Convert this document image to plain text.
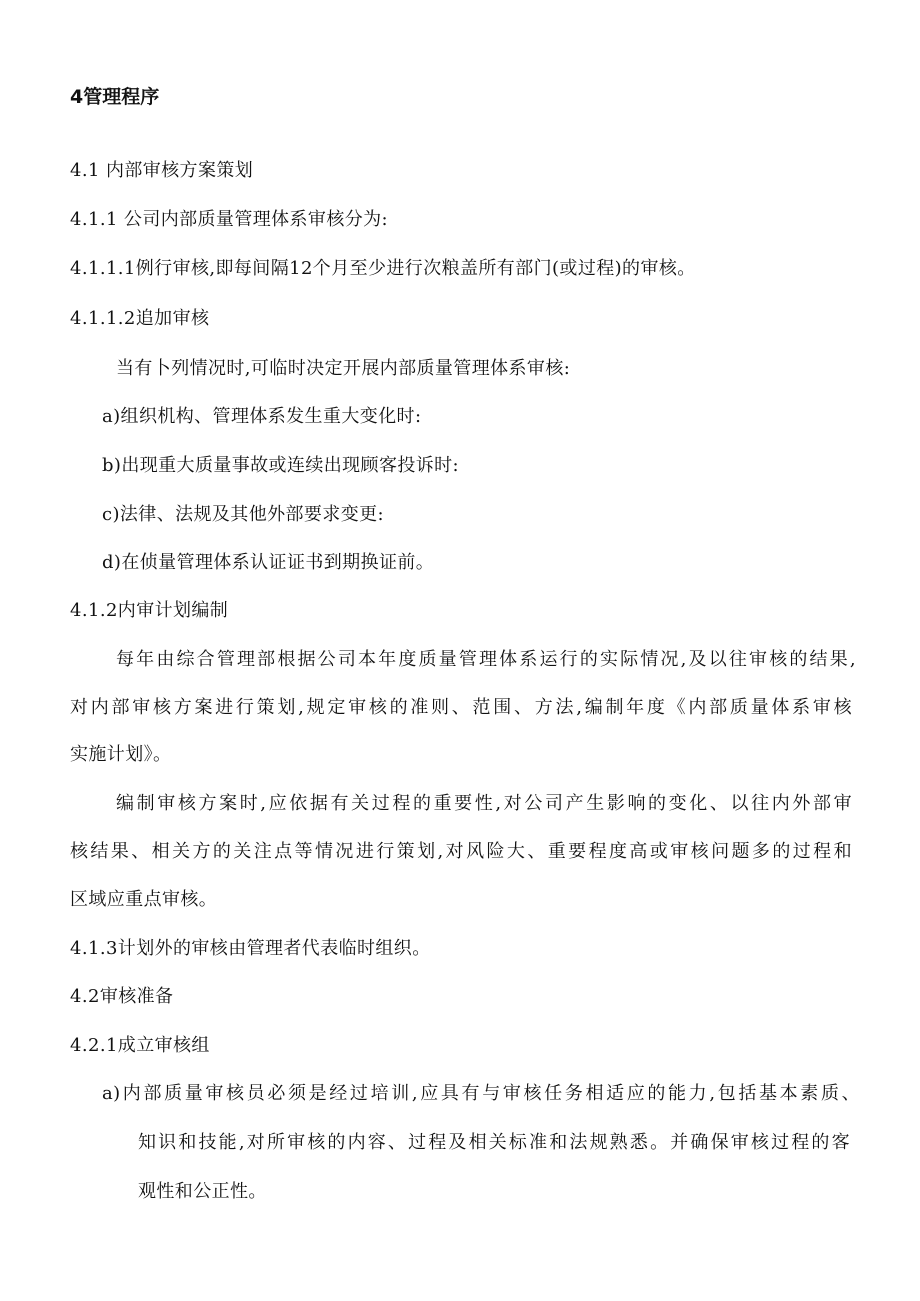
4管理程序
4.1 内部审核方案策划
4.1.1 公司内部质量管理体系审核分为:
4.1.1.1例行审核,即每间隔12个月至少进行次粮盖所有部门(或过程)的审核。
4.1.1.2追加审核
当有卜列情况时,可临时决定开展内部质量管理体系审核:
a)组织机构、管理体系发生重大变化时:
b)出现重大质量事故或连续出现顾客投诉时:
c)法律、法规及其他外部要求变更:
d)在侦量管理体系认证证书到期换证前。
4.1.2内审计划编制
每年由综合管理部根据公司本年度质量管理体系运行的实际情况,及以往审核的结果,
对内部审核方案进行策划,规定审核的准则、范围、方法,编制年度《内部质量体系审核
实施计划》。
编制审核方案时,应依据有关过程的重要性,对公司产生影响的变化、以往内外部审
核结果、相关方的关注点等情况进行策划,对风险大、重要程度高或审核问题多的过程和
区域应重点审核。
4.1.3计划外的审核由管理者代表临时组织。
4.2审核准备
4.2.1成立审核组
a)内部质量审核员必须是经过培训,应具有与审核任务相适应的能力,包括基本素质、
知识和技能,对所审核的内容、过程及相关标准和法规熟悉。并确保审核过程的客
观性和公正性。
